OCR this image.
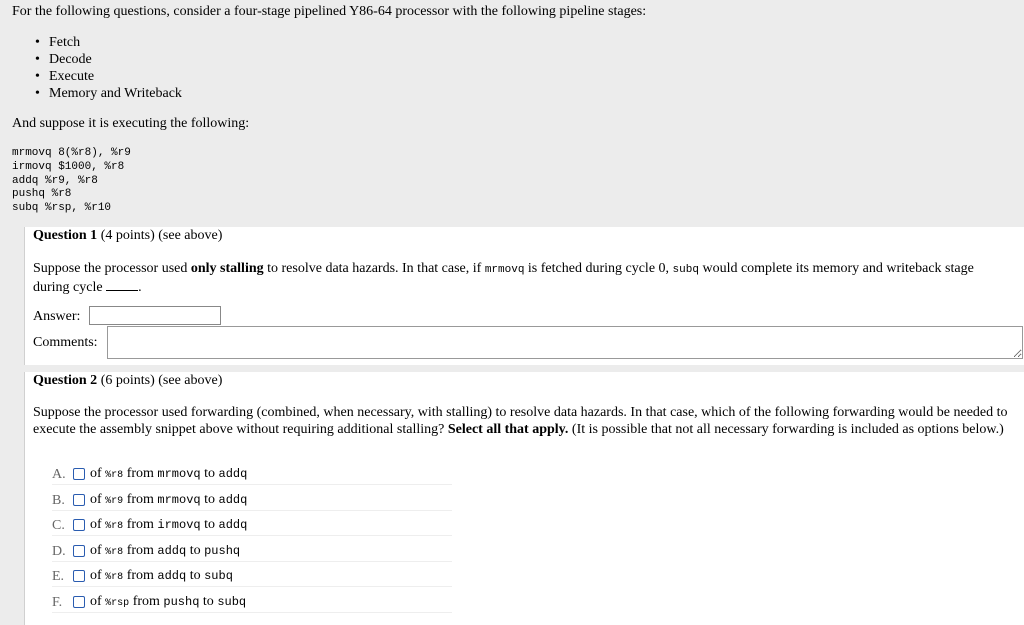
For the following questions, consider a four-stage pipelined Y86-64 processor with the following pipeline stages:

• Fetch
• Decode
• Execute
• Memory and Writeback

And suppose it is executing the following:

mrmovq 8(%r8), %r9
irmovq $1000, %r8
addq %r9, %r8
pushq %r8
subq %rsp, %r10
Question 1 (4 points) (see above)

Suppose the processor used only stalling to resolve data hazards. In that case, if mrmovq is fetched during cycle 0, subq would complete its memory and writeback stage during cycle .

Answer:
Comments:
Question 2 (6 points) (see above)

Suppose the processor used forwarding (combined, when necessary, with stalling) to resolve data hazards. In that case, which of the following forwarding would be needed to execute the assembly snippet above without requiring additional stalling? Select all that apply. (It is possible that not all necessary forwarding is included as options below.)

A. of %r8 from mrmovq to addq
B. of %r9 from mrmovq to addq
C. of %r8 from irmovq to addq
D. of %r8 from addq to pushq
E. of %r8 from addq to subq
F. of %rsp from pushq to subq
